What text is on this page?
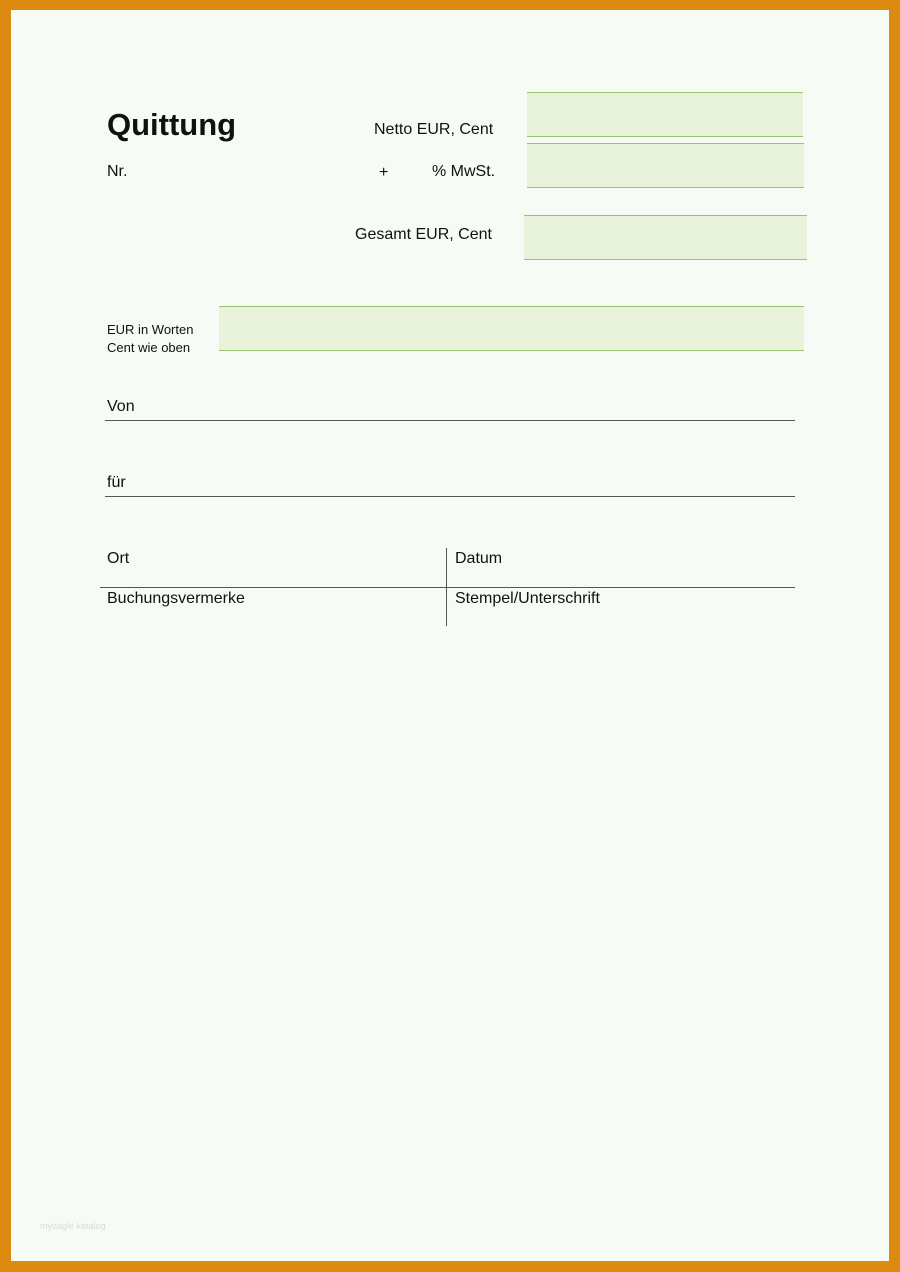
Quittung
Nr.
Netto EUR, Cent
+	% MwSt.
Gesamt EUR, Cent
EUR in Worten
Cent wie oben
Von
für
Ort	Datum
Buchungsvermerke	Stempel/Unterschrift
mydagle katalog
